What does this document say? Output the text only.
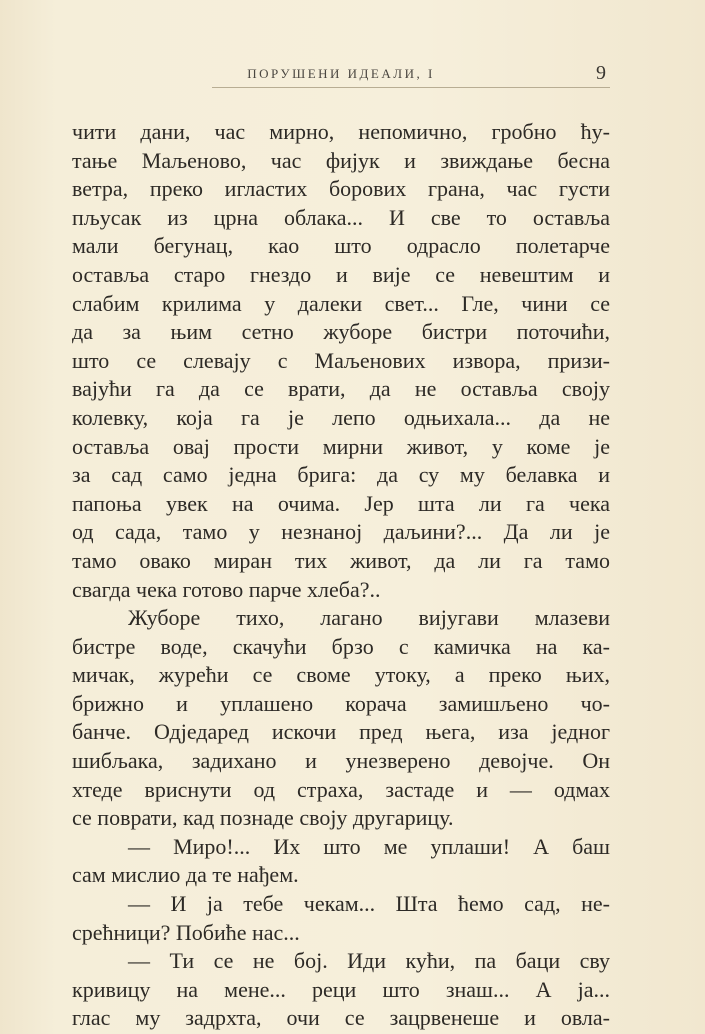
ПОРУШЕНИ ИДЕАЛИ, I	9
чити дани, час мирно, непомично, гробно ћу-
тање Маљеново, час фијук и звиждање бесна
ветра, преко игластих борових грана, час густи
пљусак из црна облака... И све то оставља
мали бегунац, као што одрасло полетарче
оставља старо гнездо и вије се невештим и
слабим крилима у далеки свет... Гле, чини се
да за њим сетно жуборе бистри поточићи,
што се слевају с Маљенових извора, призи-
вајући га да се врати, да не оставља своју
колевку, која га је лепо одњихала... да не
оставља овај прости мирни живот, у коме је
за сад само једна брига: да су му белавка и
папоња увек на очима. Јер шта ли га чека
од сада, тамо у незнаној даљини?... Да ли је
тамо овако миран тих живот, да ли га тамо
свагда чека готово парче хлеба?..
Жуборе тихо, лагано вијугави млазеви
бистре воде, скачући брзо с камичка на ка-
мичак, журећи се своме утоку, а преко њих,
брижно и уплашено корача замишљено чо-
банче. Одједаред искочи пред њега, иза једног
шибљака, задихано и унезверено девојче. Он
хтеде вриснути од страха, застаде и — одмах
се поврати, кад познаде своју другарицу.
— Миро!... Их што ме уплаши! А баш
сам мислио да те нађем.
— И ја тебе чекам... Шта ћемо сад, не-
срећници? Побиће нас...
— Ти се не бој. Иди кући, па баци сву
кривицу на мене... реци што знаш... А ја...
глас му задрхта, очи се зацрвенеше и овла-
